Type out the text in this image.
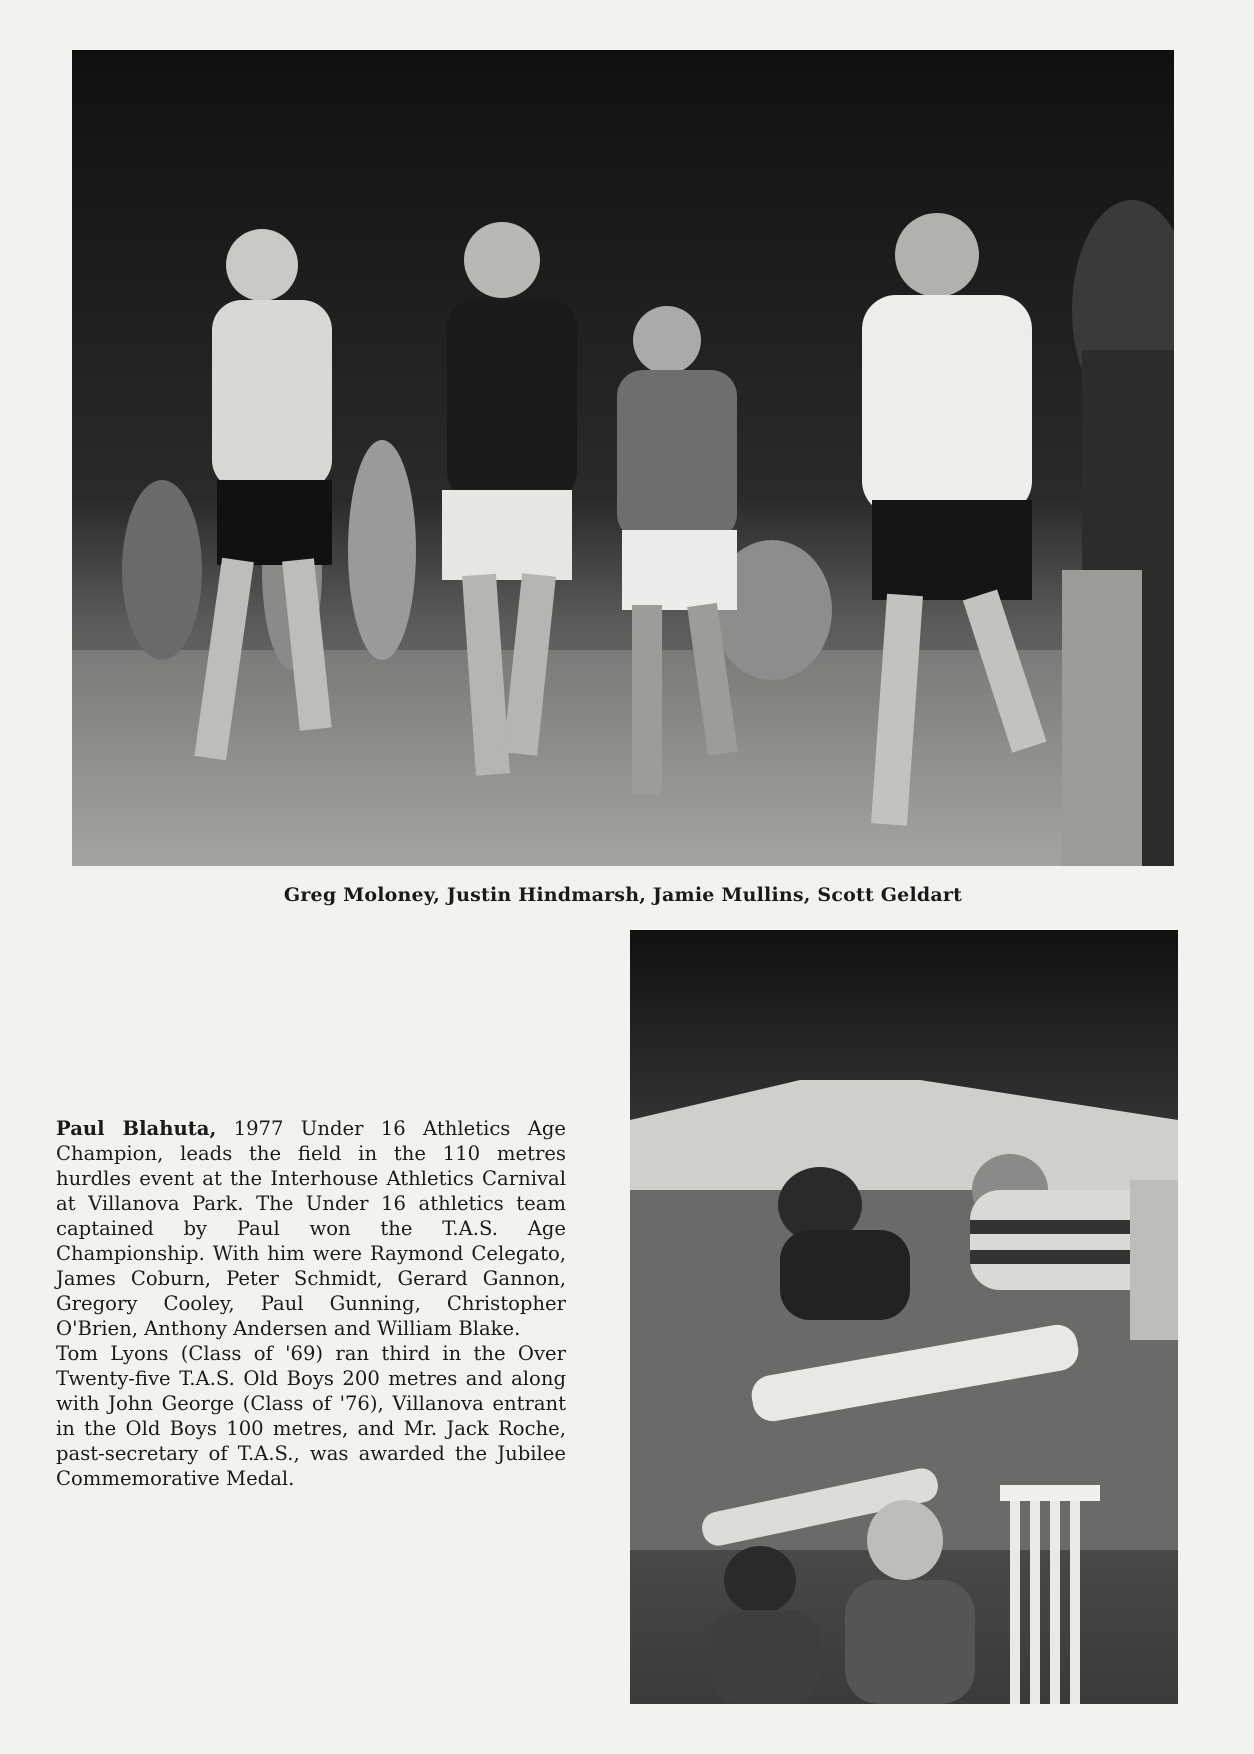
Greg Moloney, Justin Hindmarsh, Jamie Mullins, Scott Geldart

Paul Blahuta, 1977 Under 16 Athletics Age Champion, leads the field in the 110 metres hurdles event at the Interhouse Athletics Carnival at Villanova Park. The Under 16 athletics team captained by Paul won the T.A.S. Age Championship. With him were Raymond Celegato, James Coburn, Peter Schmidt, Gerard Gannon, Gregory Cooley, Paul Gunning, Christopher O'Brien, Anthony Andersen and William Blake.

Tom Lyons (Class of '69) ran third in the Over Twenty-five T.A.S. Old Boys 200 metres and along with John George (Class of '76), Villanova entrant in the Old Boys 100 metres, and Mr. Jack Roche, past-secretary of T.A.S., was awarded the Jubilee Commemorative Medal.
